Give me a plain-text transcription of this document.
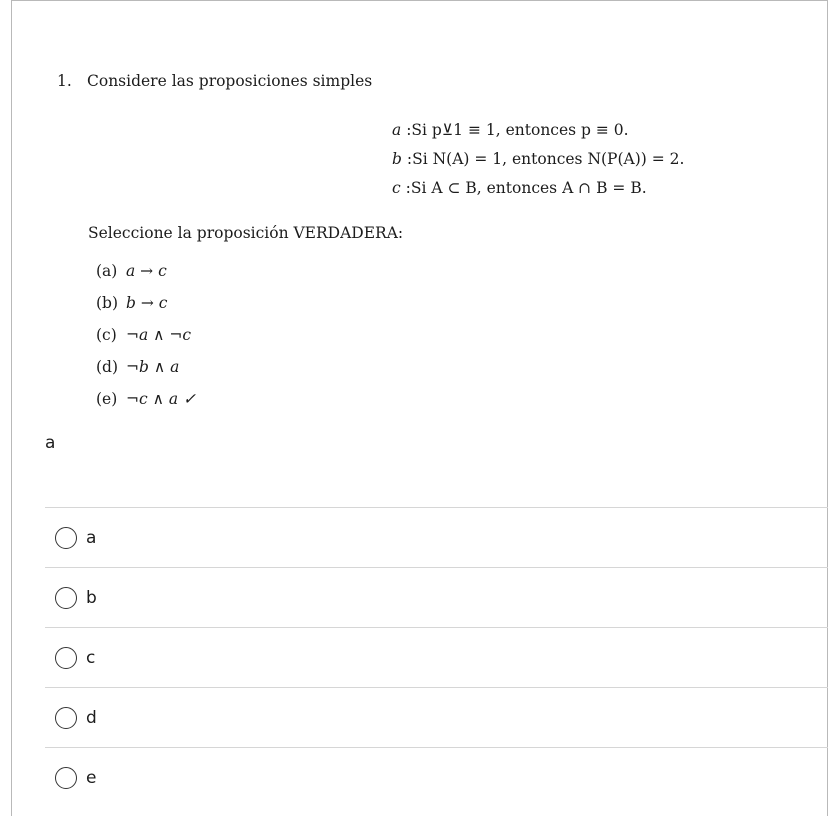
1. Considere las proposiciones simples
a :Si p⊻1 ≡ 1, entonces p ≡ 0.
b :Si N(A) = 1, entonces N(P(A)) = 2.
c :Si A ⊂ B, entonces A ∩ B = B.
Seleccione la proposición VERDADERA:
(a) a → c
(b) b → c
(c) ¬a ∧ ¬c
(d) ¬b ∧ a
(e) ¬c ∧ a ✓
a
a
b
c
d
e
